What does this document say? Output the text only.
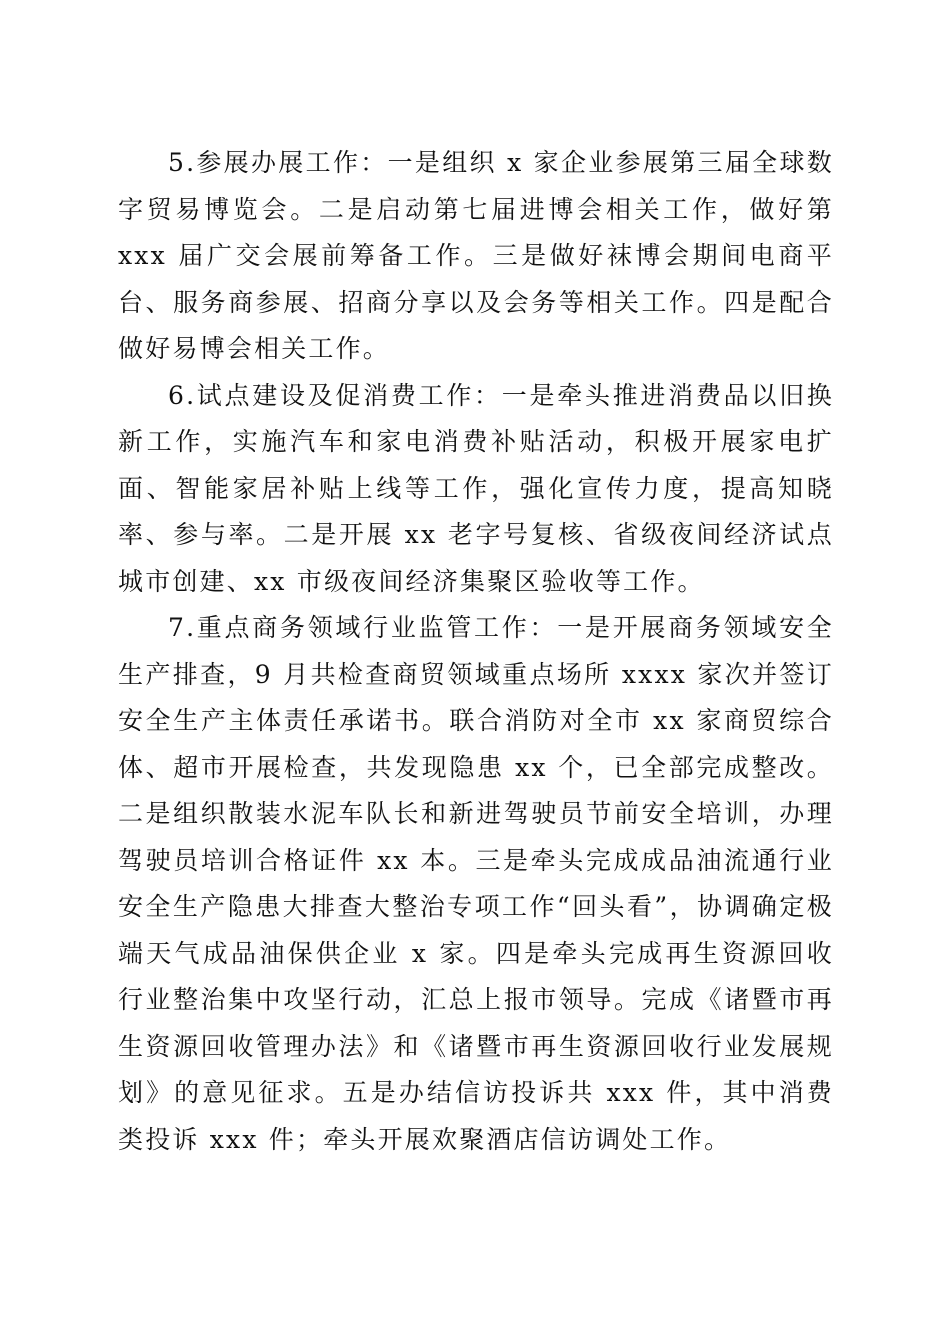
5.参展办展工作：一是组织 x 家企业参展第三届全球数字贸易博览会。二是启动第七届进博会相关工作，做好第 xxx 届广交会展前筹备工作。三是做好袜博会期间电商平台、服务商参展、招商分享以及会务等相关工作。四是配合做好易博会相关工作。

6.试点建设及促消费工作：一是牵头推进消费品以旧换新工作，实施汽车和家电消费补贴活动，积极开展家电扩面、智能家居补贴上线等工作，强化宣传力度，提高知晓率、参与率。二是开展 xx 老字号复核、省级夜间经济试点城市创建、xx 市级夜间经济集聚区验收等工作。

7.重点商务领域行业监管工作：一是开展商务领域安全生产排查，9 月共检查商贸领域重点场所 xxxx 家次并签订安全生产主体责任承诺书。联合消防对全市 xx 家商贸综合体、超市开展检查，共发现隐患 xx 个，已全部完成整改。二是组织散装水泥车队长和新进驾驶员节前安全培训，办理驾驶员培训合格证件 xx 本。三是牵头完成成品油流通行业安全生产隐患大排查大整治专项工作“回头看”，协调确定极端天气成品油保供企业 x 家。四是牵头完成再生资源回收行业整治集中攻坚行动，汇总上报市领导。完成《诸暨市再生资源回收管理办法》和《诸暨市再生资源回收行业发展规划》的意见征求。五是办结信访投诉共 xxx 件，其中消费类投诉 xxx 件；牵头开展欢聚酒店信访调处工作。
